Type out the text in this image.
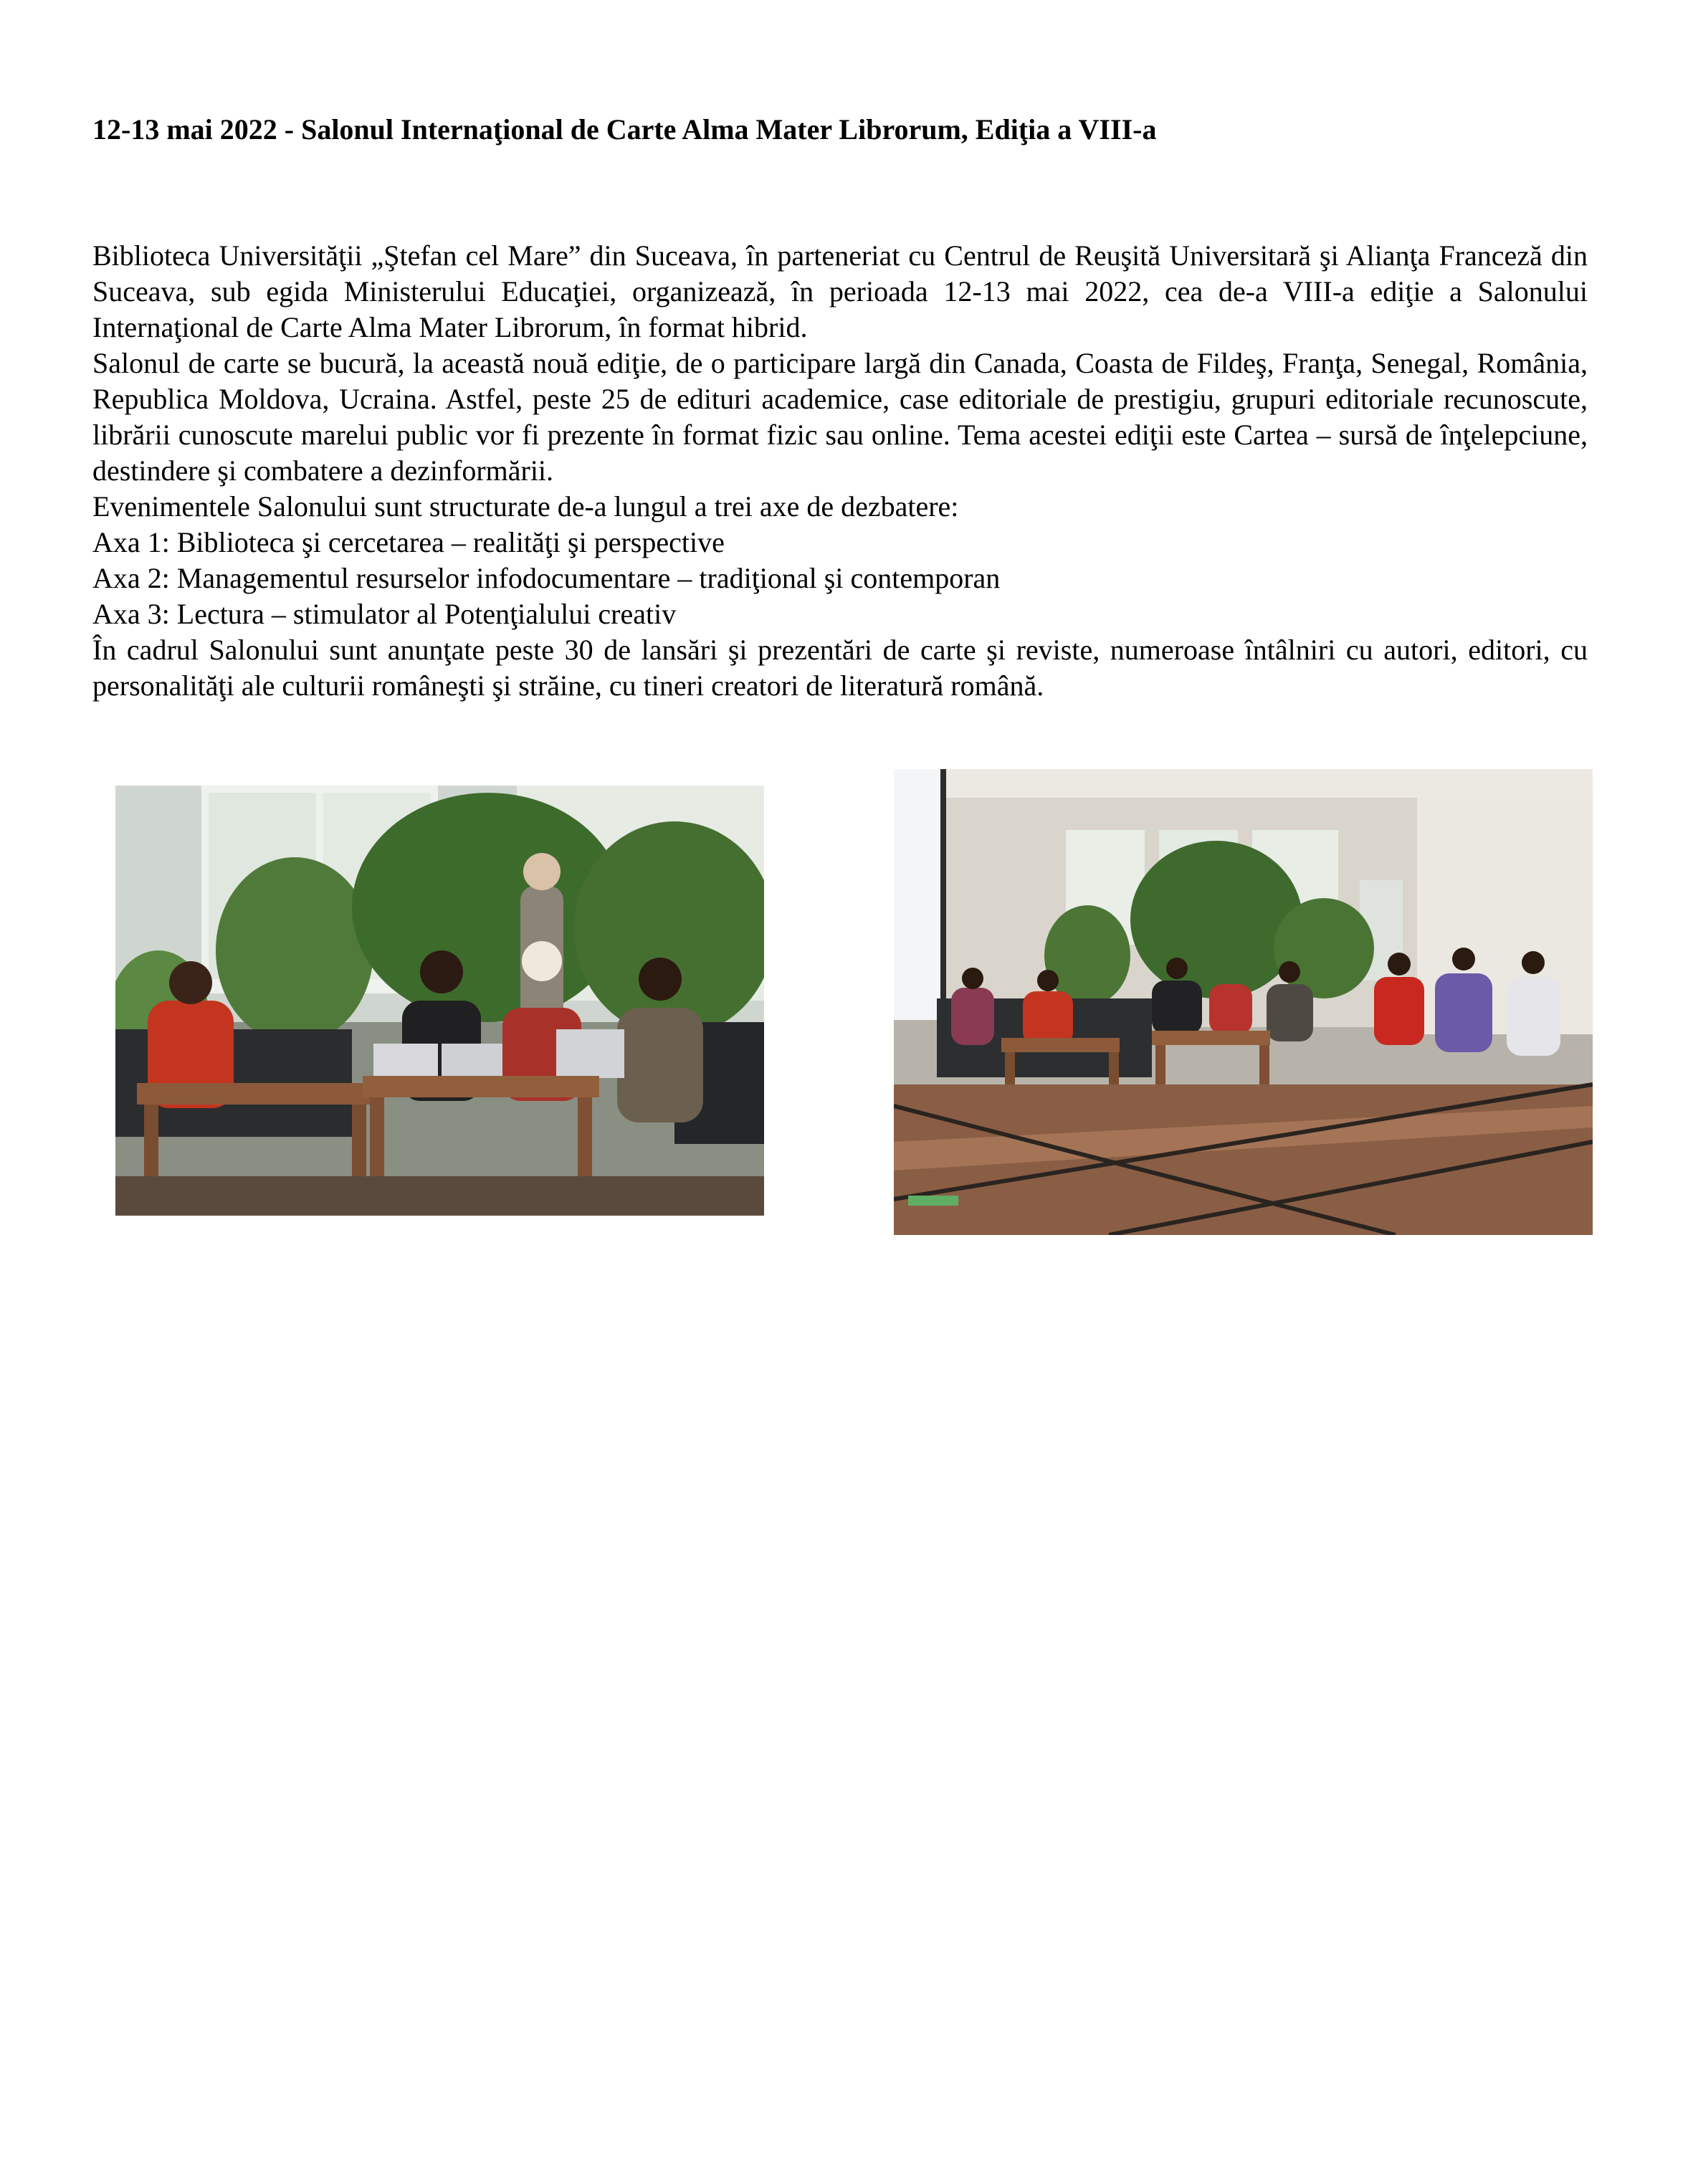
12-13 mai 2022 - Salonul Internaţional de Carte Alma Mater Librorum, Ediţia a VIII-a

Biblioteca Universităţii „Ştefan cel Mare” din Suceava, în parteneriat cu Centrul de Reuşită Universitară şi Alianţa Franceză din Suceava, sub egida Ministerului Educaţiei, organizează, în perioada 12-13 mai 2022, cea de-a VIII-a ediţie a Salonului Internaţional de Carte Alma Mater Librorum, în format hibrid.

Salonul de carte se bucură, la această nouă ediţie, de o participare largă din Canada, Coasta de Fildeş, Franţa, Senegal, România, Republica Moldova, Ucraina. Astfel, peste 25 de edituri academice, case editoriale de prestigiu, grupuri editoriale recunoscute, librării cunoscute marelui public vor fi prezente în format fizic sau online. Tema acestei ediţii este Cartea – sursă de înţelepciune, destindere şi combatere a dezinformării.

Evenimentele Salonului sunt structurate de-a lungul a trei axe de dezbatere:

Axa 1: Biblioteca şi cercetarea – realităţi şi perspective

Axa 2: Managementul resurselor infodocumentare – tradiţional şi contemporan

Axa 3: Lectura – stimulator al Potenţialului creativ

În cadrul Salonului sunt anunţate peste 30 de lansări şi prezentări de carte şi reviste, numeroase întâlniri cu autori, editori, cu personalităţi ale culturii româneşti şi străine, cu tineri creatori de literatură română.
